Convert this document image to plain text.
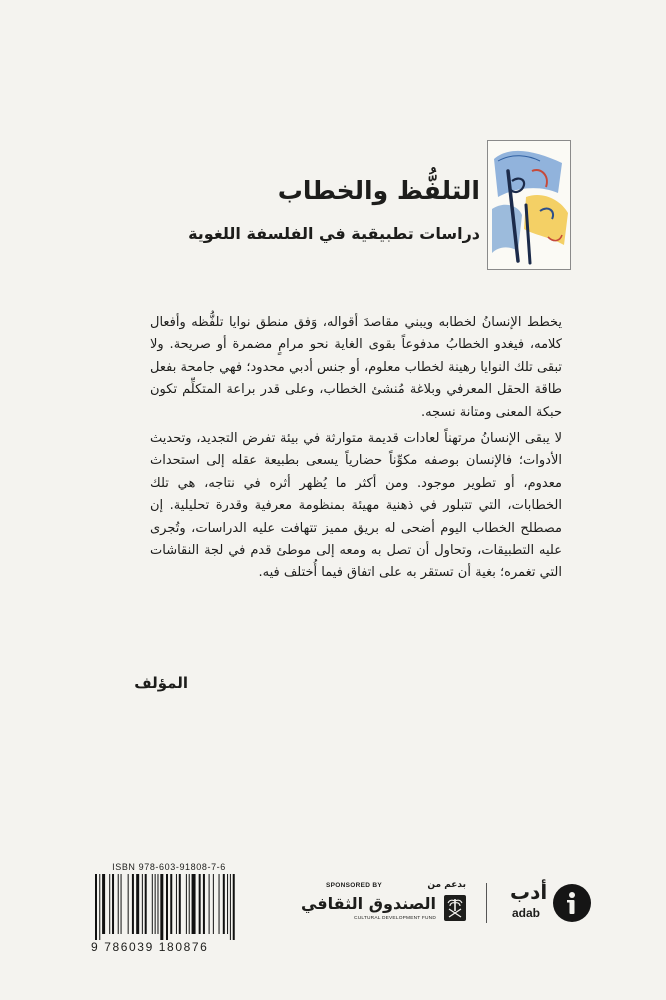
التلفُّظ والخطاب
دراسات تطبيقية في الفلسفة اللغوية

يخطط الإنسانُ لخطابه ويبني مقاصدَ أقواله، وَفق منطق نوايا تلفُّظه وأفعال كلامه، فيغدو الخطابُ مدفوعاً بقوى الغاية نحو مرامٍ مضمرة أو صريحة. ولا تبقى تلك النوايا رهينة لخطاب معلوم، أو جنس أدبي محدود؛ فهي جامحة بفعل طاقة الحقل المعرفي وبلاغة مُنشئ الخطاب، وعلى قدر براعة المتكلِّم تكون حبكة المعنى ومتانة نسجه.

لا يبقى الإنسانُ مرتهناً لعادات قديمة متوارثة في بيئة تفرض التجديد، وتحديث الأدوات؛ فالإنسان بوصفه مكوِّناً حضارياً يسعى بطبيعة عقله إلى استحداث معدوم، أو تطوير موجود. ومن أكثر ما يُظهر أثره في نتاجه، هي تلك الخطابات، التي تتبلور في ذهنية مهيئة بمنظومة معرفية وقدرة تحليلية. إن مصطلح الخطاب اليوم أضحى له بريق مميز تتهافت عليه الدراسات، وتُجرى عليه التطبيقات، وتحاول أن تصل به ومعه إلى موطئ قدم في لجة النقاشات التي تغمره؛ بغية أن تستقر به على اتفاق فيما أُختلف فيه.

المؤلف
ISBN 978-603-91808-7-6
9 786039 180876
SPONSORED BY	بدعم من
الصندوق الثقافي
CULTURAL DEVELOPMENT FUND
أدب
adab
